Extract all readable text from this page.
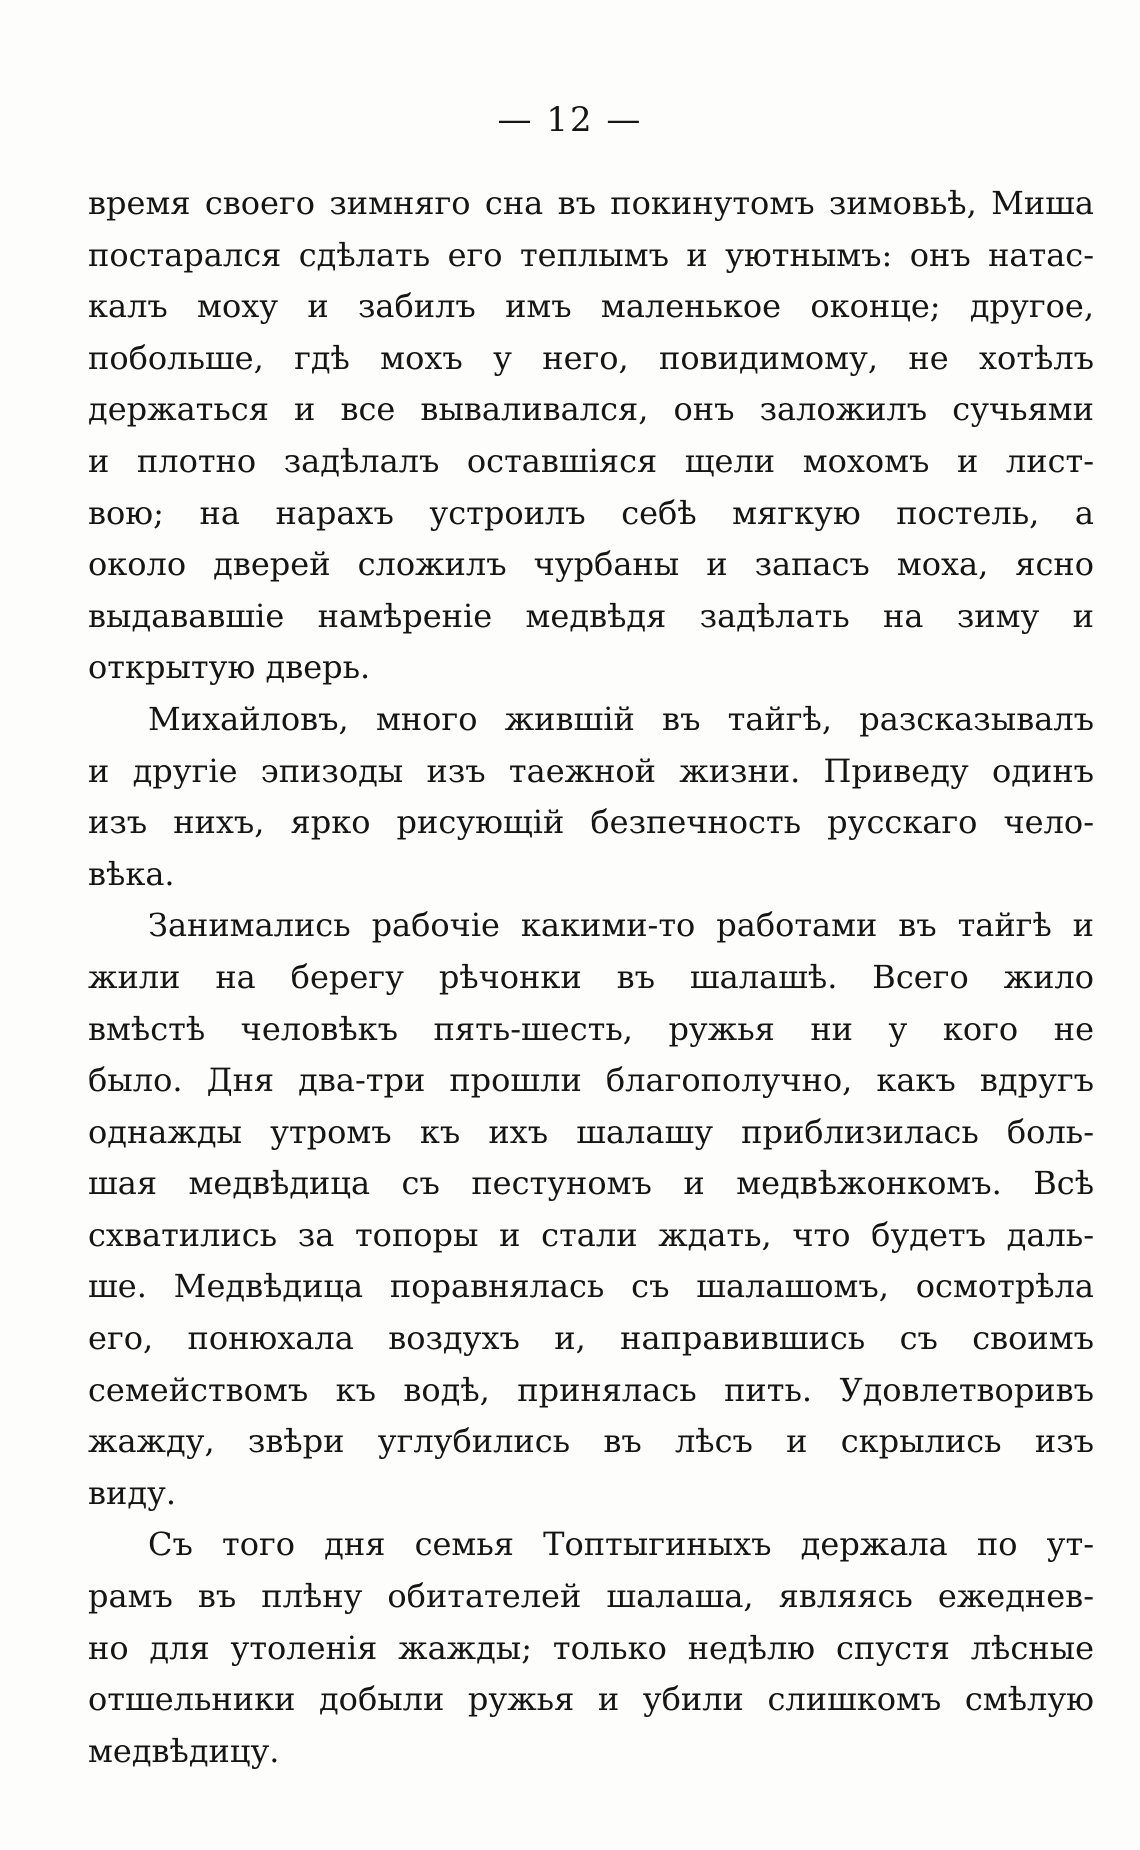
— 12 —
время своего зимняго сна въ покинутомъ зимовьѣ, Миша
постарался сдѣлать его теплымъ и уютнымъ: онъ натас-
калъ моху и забилъ имъ маленькое оконце; другое,
побольше, гдѣ мохъ у него, повидимому, не хотѣлъ
держаться и все вываливался, онъ заложилъ сучьями
и плотно задѣлалъ оставшіяся щели мохомъ и лист-
вою; на нарахъ устроилъ себѣ мягкую постель, а
около дверей сложилъ чурбаны и запасъ моха, ясно
выдававшіе намѣреніе медвѣдя задѣлать на зиму и
открытую дверь.
Михайловъ, много жившій въ тайгѣ, разсказывалъ
и другіе эпизоды изъ таежной жизни. Приведу одинъ
изъ нихъ, ярко рисующій безпечность русскаго чело-
вѣка.
Занимались рабочіе какими-то работами въ тайгѣ и
жили на берегу рѣчонки въ шалашѣ. Всего жило
вмѣстѣ человѣкъ пять-шесть, ружья ни у кого не
было. Дня два-три прошли благополучно, какъ вдругъ
однажды утромъ къ ихъ шалашу приблизилась боль-
шая медвѣдица съ пестуномъ и медвѣжонкомъ. Всѣ
схватились за топоры и стали ждать, что будетъ даль-
ше. Медвѣдица поравнялась съ шалашомъ, осмотрѣла
его, понюхала воздухъ и, направившись съ своимъ
семействомъ къ водѣ, принялась пить. Удовлетворивъ
жажду, звѣри углубились въ лѣсъ и скрылись изъ
виду.
Съ того дня семья Топтыгиныхъ держала по ут-
рамъ въ плѣну обитателей шалаша, являясь ежеднев-
но для утоленія жажды; только недѣлю спустя лѣсные
отшельники добыли ружья и убили слишкомъ смѣлую
медвѣдицу.
